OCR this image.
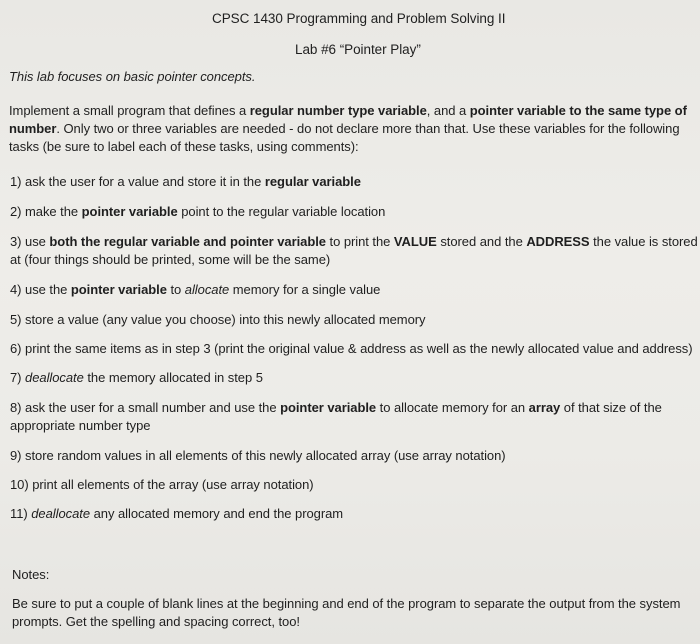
CPSC 1430 Programming and Problem Solving II
Lab #6 “Pointer Play”
This lab focuses on basic pointer concepts.
Implement a small program that defines a regular number type variable, and a pointer variable to the same type of number. Only two or three variables are needed - do not declare more than that. Use these variables for the following tasks (be sure to label each of these tasks, using comments):
1) ask the user for a value and store it in the regular variable
2) make the pointer variable point to the regular variable location
3) use both the regular variable and pointer variable to print the VALUE stored and the ADDRESS the value is stored
at (four things should be printed, some will be the same)
4) use the pointer variable to allocate memory for a single value
5) store a value (any value you choose) into this newly allocated memory
6) print the same items as in step 3 (print the original value & address as well as the newly allocated value and address)
7) deallocate the memory allocated in step 5
8) ask the user for a small number and use the pointer variable to allocate memory for an array of that size of the
appropriate number type
9) store random values in all elements of this newly allocated array (use array notation)
10) print all elements of the array (use array notation)
11) deallocate any allocated memory and end the program
Notes:
Be sure to put a couple of blank lines at the beginning and end of the program to separate the output from the system prompts. Get the spelling and spacing correct, too!
